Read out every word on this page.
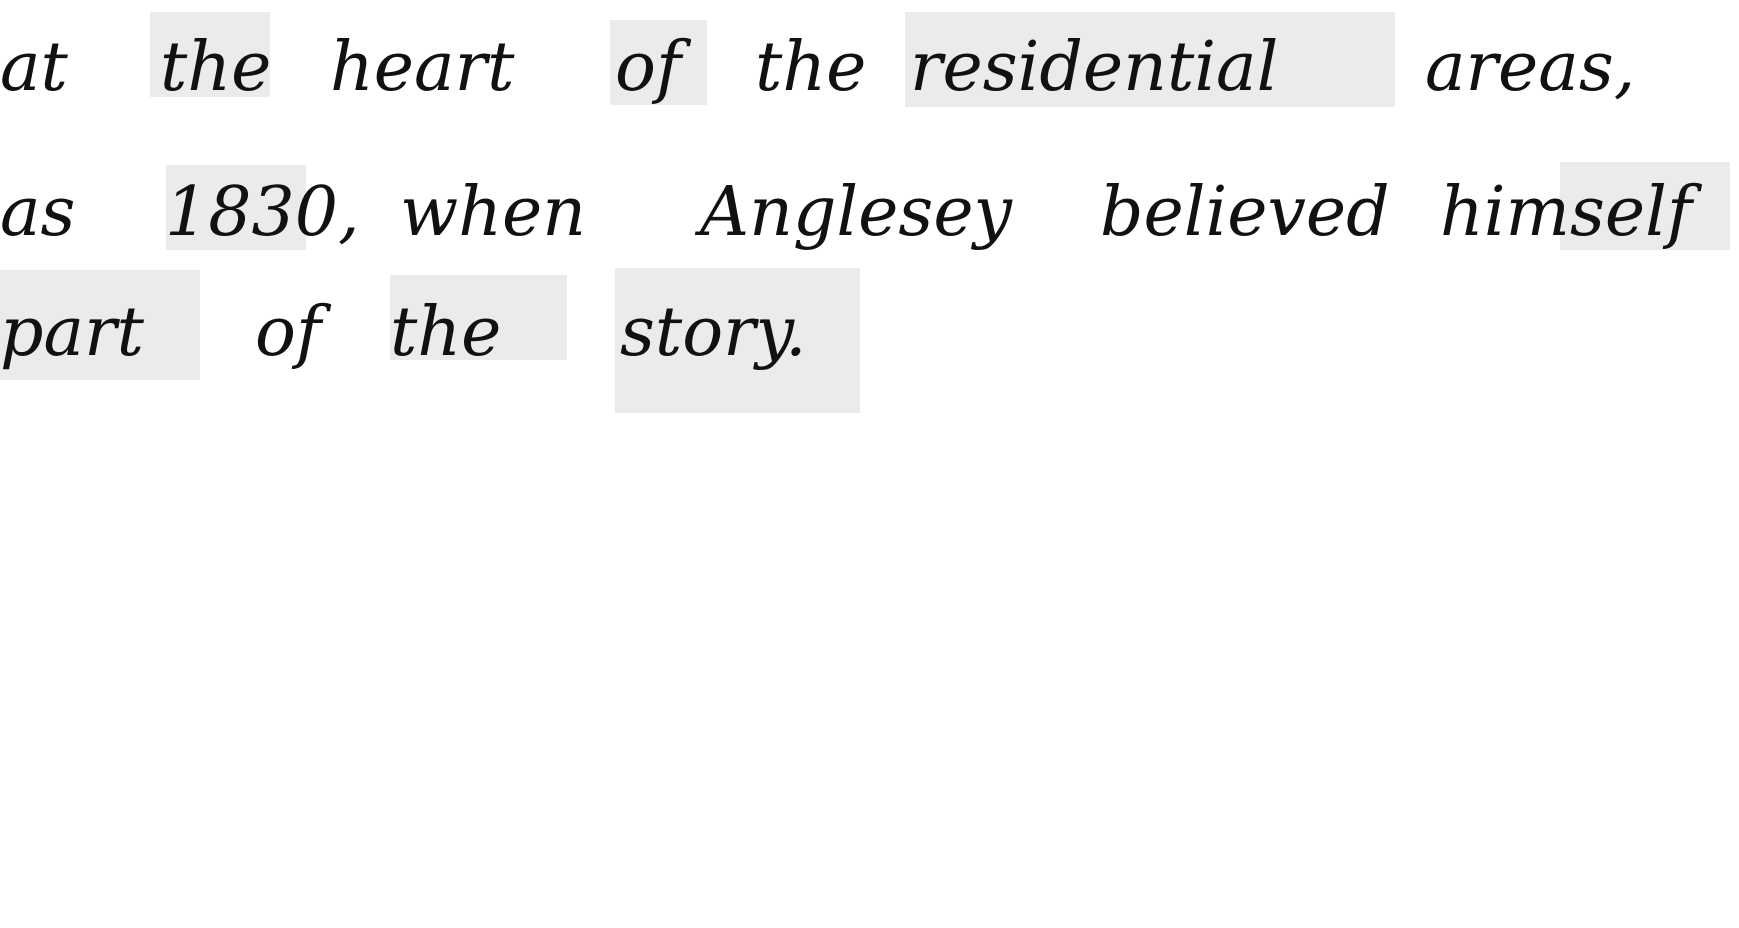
at

the

heart

of

the

residential

areas,

as

1830,

when

Anglesey

believed

himself

part

of

the

story.
